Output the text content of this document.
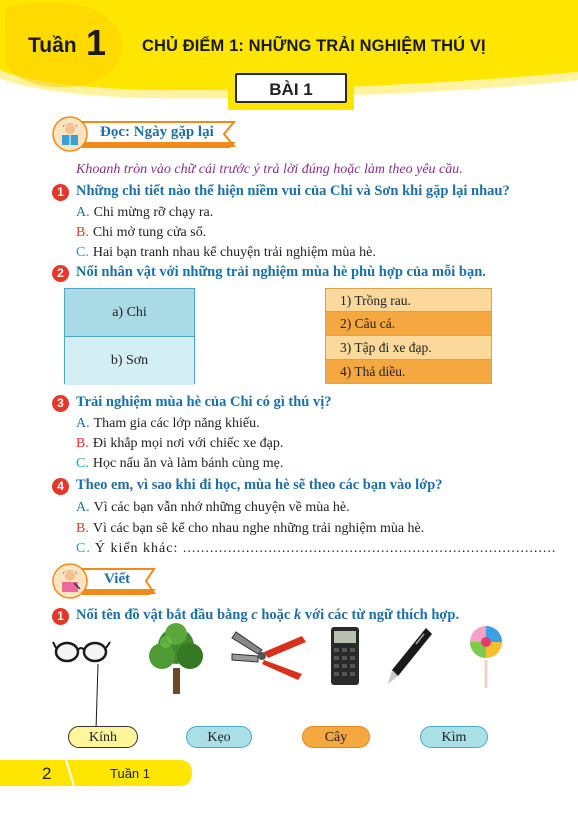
Tuần 1 CHỦ ĐIỂM 1: NHỮNG TRẢI NGHIỆM THÚ VỊ
BÀI 1
Đọc: Ngày gặp lại
Khoanh tròn vào chữ cái trước ý trả lời đúng hoặc làm theo yêu cầu.
1 Những chi tiết nào thể hiện niềm vui của Chi và Sơn khi gặp lại nhau?
A. Chi mừng rỡ chạy ra.
B. Chi mở tung cửa sổ.
C. Hai bạn tranh nhau kể chuyện trải nghiệm mùa hè.
2 Nối nhân vật với những trải nghiệm mùa hè phù hợp của mỗi bạn.
a) Chi
b) Sơn
1) Trồng rau.
2) Câu cá.
3) Tập đi xe đạp.
4) Thả diều.
3 Trải nghiệm mùa hè của Chi có gì thú vị?
A. Tham gia các lớp năng khiếu.
B. Đi khắp mọi nơi với chiếc xe đạp.
C. Học nấu ăn và làm bánh cùng mẹ.
4 Theo em, vì sao khi đi học, mùa hè sẽ theo các bạn vào lớp?
A. Vì các bạn vẫn nhớ những chuyện về mùa hè.
B. Vì các bạn sẽ kể cho nhau nghe những trải nghiệm mùa hè.
C. Ý kiến khác: ...................................................................................
Viết
1 Nối tên đồ vật bắt đầu bằng c hoặc k với các từ ngữ thích hợp.
Kính	Kẹo	Cây	Kìm
2	Tuần 1
